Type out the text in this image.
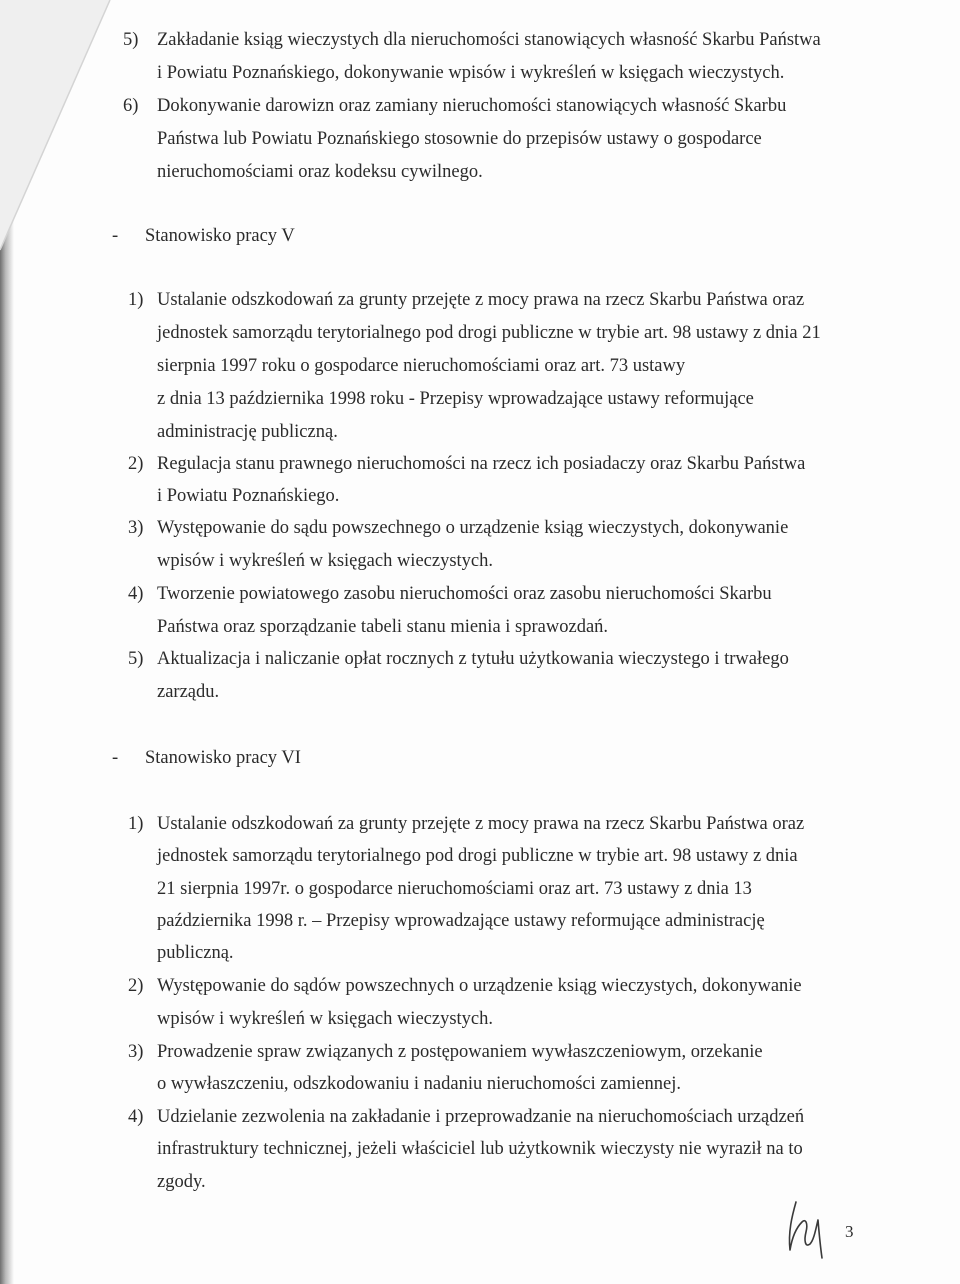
5) Zakładanie ksiąg wieczystych dla nieruchomości stanowiących własność Skarbu Państwa
i Powiatu Poznańskiego, dokonywanie wpisów i wykreśleń w księgach wieczystych.
6) Dokonywanie darowizn oraz zamiany nieruchomości stanowiących własność Skarbu
Państwa lub Powiatu Poznańskiego stosownie do przepisów ustawy o gospodarce
nieruchomościami oraz kodeksu cywilnego.
- Stanowisko pracy V
1) Ustalanie odszkodowań za grunty przejęte z mocy prawa na rzecz Skarbu Państwa oraz
jednostek samorządu terytorialnego pod drogi publiczne w trybie art. 98 ustawy z dnia 21
sierpnia 1997 roku o gospodarce nieruchomościami oraz art. 73 ustawy
z dnia 13 października 1998 roku - Przepisy wprowadzające ustawy reformujące
administrację publiczną.
2) Regulacja stanu prawnego nieruchomości na rzecz ich posiadaczy oraz Skarbu Państwa
i Powiatu Poznańskiego.
3) Występowanie do sądu powszechnego o urządzenie ksiąg wieczystych, dokonywanie
wpisów i wykreśleń w księgach wieczystych.
4) Tworzenie powiatowego zasobu nieruchomości oraz zasobu nieruchomości Skarbu
Państwa oraz sporządzanie tabeli stanu mienia i sprawozdań.
5) Aktualizacja i naliczanie opłat rocznych z tytułu użytkowania wieczystego i trwałego
zarządu.
- Stanowisko pracy VI
1) Ustalanie odszkodowań za grunty przejęte z mocy prawa na rzecz Skarbu Państwa oraz
jednostek samorządu terytorialnego pod drogi publiczne w trybie art. 98 ustawy z dnia
21 sierpnia 1997r. o gospodarce nieruchomościami oraz art. 73 ustawy z dnia 13
października 1998 r. – Przepisy wprowadzające ustawy reformujące administrację
publiczną.
2) Występowanie do sądów powszechnych o urządzenie ksiąg wieczystych, dokonywanie
wpisów i wykreśleń w księgach wieczystych.
3) Prowadzenie spraw związanych z postępowaniem wywłaszczeniowym, orzekanie
o wywłaszczeniu, odszkodowaniu i nadaniu nieruchomości zamiennej.
4) Udzielanie zezwolenia na zakładanie i przeprowadzanie na nieruchomościach urządzeń
infrastruktury technicznej, jeżeli właściciel lub użytkownik wieczysty nie wyraził na to
zgody.
3
